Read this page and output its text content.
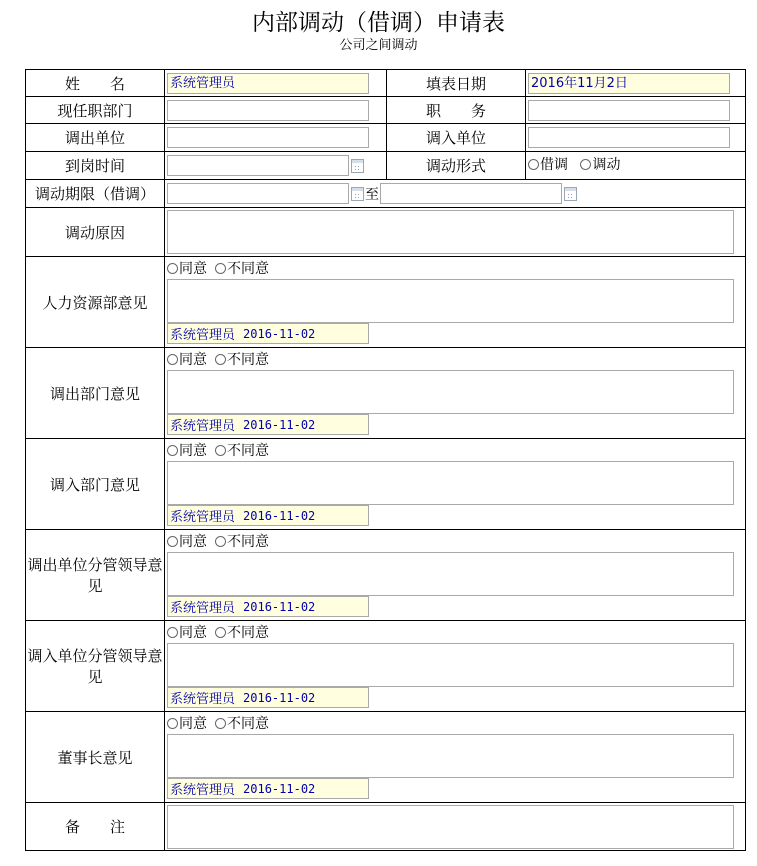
内部调动（借调）申请表
公司之间调动
姓　　名	系统管理员	填表日期	2016年11月2日

现任职部门		职　　务	

调出单位		调入单位	

到岗时间		调动形式	借调 调动

调动期限（借调）	至		

调动原因			

人力资源部意见	同意 不同意
系统管理员 2016-11-02		

调出部门意见	同意 不同意
系统管理员 2016-11-02		

调入部门意见	同意 不同意
系统管理员 2016-11-02		

调出单位分管领导意见	同意 不同意
系统管理员 2016-11-02		

调入单位分管领导意见	同意 不同意
系统管理员 2016-11-02		

董事长意见	同意 不同意
系统管理员 2016-11-02		

备　　注			
